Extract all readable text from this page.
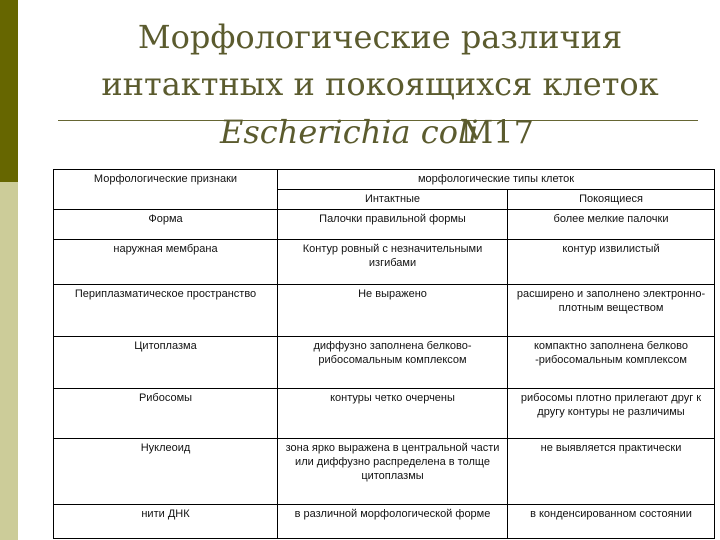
Морфологические различия
интактных и покоящихся клеток
Escherichia coliM17
Морфологические признаки	морфологические типы клеток	
	Интактные	Покоящиеся
Форма	Палочки правильной формы	более мелкие палочки
наружная мембрана	Контур ровный с незначительными изгибами	контур извилистый
Периплазматическое пространство	Не выражено	расширено и заполнено электронно-плотным веществом
Цитоплазма	диффузно заполнена белково-рибосомальным комплексом	компактно заполнена белково -рибосомальным комплексом
Рибосомы	контуры четко очерчены	рибосомы плотно прилегают друг к другу контуры не различимы
Нуклеоид	зона ярко выражена в центральной части или диффузно распределена в толще цитоплазмы	не выявляется практически
нити ДНК	в различной морфологической форме	в конденсированном состоянии
